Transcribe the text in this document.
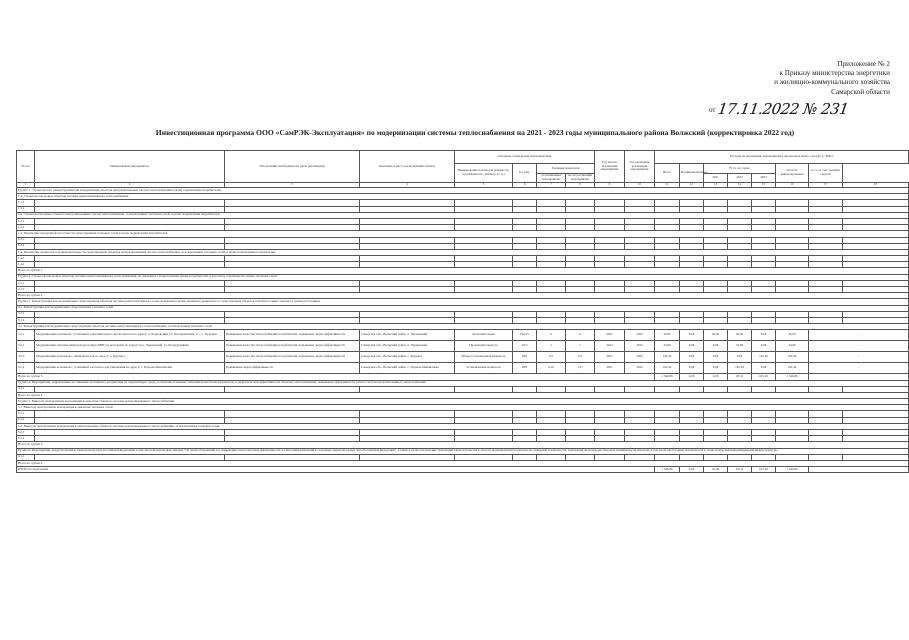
Приложение № 2
к Приказу министерства энергетики
и жилищно-коммунального хозяйства
Самарской области
от 17.11.2022 № 231
Инвестиционная программа ООО «СамРЭК-Эксплуатация» по модернизации системы теплоснабжения на 2021 - 2023 годы муниципального района Волжский (корректировка 2022 год)
№ п/п	Наименование мероприятия	Обоснование необходимости (цель реализации)	Описание и место расположения объекта	Основные технические характеристики				Год начала реализации мероприятия	Год окончания реализации мероприятия	Расходы на реализацию мероприятий в прогнозных ценах, тыс.руб. (с НДС)							
				Наименование показателя (мощность, протяженность, диаметр и т.п.)	Ед. изм.	Значение показателя				Всего	Профинансировано	В т.ч. по годам			Остаток финансирования	в т.ч. за счет заемных средств	
						до реализации мероприятия	после реализации мероприятия					2021	2022	2023			

1	2	3	4	5	6	7	8	9	10	11	12	13	14	15	16	17	18
Группа 1. Строительство, реконструкция или модернизация объектов централизованных систем теплоснабжения в целях подключения потребителей																	
1.1. Строительство новых объектов системы централизованного теплоснабжения																	
1.1.1																	
1.1.2																	
1.2. Строительство иных объектов централизованных систем теплоснабжения, за исключением тепловых сетей, в целях подключения потребителей																	
1.2.1																	
1.2.2																	
1.3. Увеличение пропускной способности существующих тепловых сетей в целях подключения потребителей																	
1.3.1																	
1.3.2																	
1.4. Увеличение мощности и производительности существующих объектов централизованных систем теплоснабжения, за исключением тепловых сетей, в целях подключения потребителей																	
1.4.1																	
1.4.2																	
Всего по группе 1																	
Группа 2. Строительство новых объектов системы централизованного теплоснабжения, не связанных с подключением новых потребителей, в том числе строительство новых тепловых сетей																	
2.1.1																	
2.1.2																	
Всего по группе 2																	
Группа 3. Реконструкция или модернизация существующих объектов системы централизованного теплоснабжения в целях снижения уровня износа существующих объектов и (или) поставки энергии от разных источников																	
3.1. Реконструкция или модернизация существующих тепловых сетей																	
3.1.1																	
3.1.2																	
3.2. Реконструкция или модернизация существующих объектов системы централизованного теплоснабжения, за исключением тепловых сетей																	
3.2.1	Модернизация котельной с установкой дополнительного котлоагрегата по адресу: п. Черновский, ул. Кооперативная, д. 1, с. Курумоч	Повышение качества теплоснабжения потребителей, повышение энергоэффективности	Самарская обл., Волжский район, п. Черновский	Дополнительная	Гкал/ч	6	6	2021	2022	36,00	0,00	36,00	36,00	0,00	36,00	-	
3.2.2	Модернизация системы химводоподготовки (ХВП) на котельной по адресу: пос. Черновский, ул. Кооперативная	Повышение качества теплоснабжения потребителей, повышение энергоэффективности	Самарская обл., Волжский район, п. Черновский	Производительность	м3/ч	1	1	2022	2022	34,90	0,00	0,00	34,90	0,00	34,90	-	
3.2.3	Модернизация котельной с заменой котлов по адресу: с. Курумоч	Повышение качества теплоснабжения потребителей, повышение энергоэффективности	Самарская обл., Волжский район, с. Курумоч	Общая установленная мощность	кВт	0,5	0,5	2022	2023	192,46	0,00	0,00	0,00	192,46	192,46	-	
3.2.4	Модернизация котельной с установкой частотного регулирования по адресу: с. Подъем-Михайловка	Повышение энергоэффективности	Самарская обл., Волжский район, с. Подъем-Михайловка	Установленная мощность	кВт	0,10	1,57	2021	2022	192,44	0,00	0,00	192,44	0,00	192,44	-	
Всего по группе 3										1 546,86	0,00	0,00	931,6	615,26	1 546,86		
Группа 4. Мероприятия, направленные на снижение негативного воздействия на окружающую среду, достижение плановых значений показателей надежности и энергетической эффективности объектов теплоснабжения, повышение эффективности работы систем централизованного теплоснабжения																	
4.1.1																	
Всего по группе 4																	
Группа 5. Вывод из эксплуатации, консервация и демонтаж объектов системы централизованного теплоснабжения																	
5.1. Вывод из эксплуатации, консервация и демонтаж тепловых сетей																	
5.1.1																	
5.1.2																	
5.2. Вывод из эксплуатации, консервация и демонтаж иных объектов системы централизованного теплоснабжения, за исключением тепловых сетей																	
5.2.1																	
5.2.2																	
Всего по группе 5																	
Группа 6. Мероприятия, предусмотренные законодательством Российской Федерации, в том числе Федеральным законом "Об энергосбережении и о повышении энергетической эффективности и о внесении изменений в отдельные законодательные акты Российской Федерации", а также в целях обеспечения требований законодательства в области промышленной безопасности, пожарной безопасности, требований антитеррористической защищенности объектов, в том числе обеспечение безопасности и технологической информационной инфраструктуры																	
6.1.1																	
Всего по группе 6																	
ИТОГО по программе										1 546,86	0,00	36,00	931,6	615,26	1 546,86		
